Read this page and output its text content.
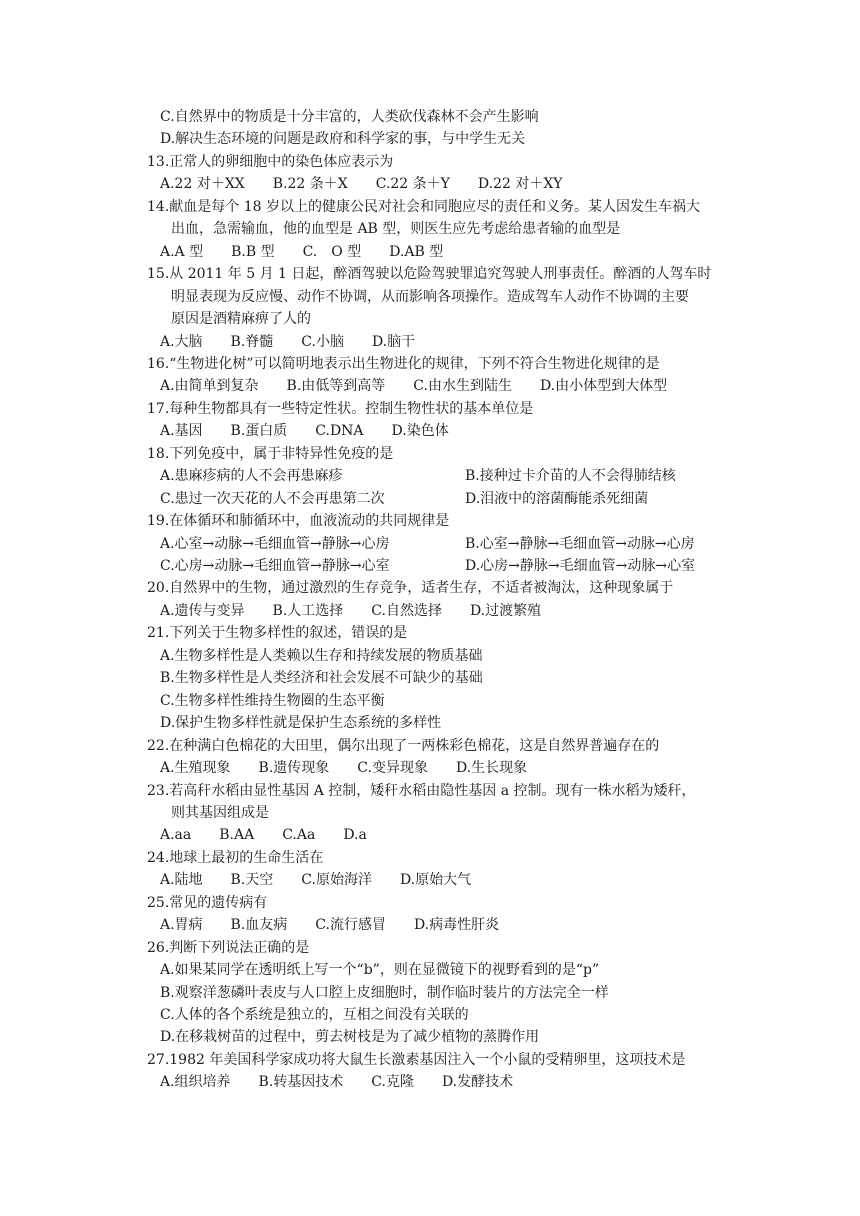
C.自然界中的物质是十分丰富的，人类砍伐森林不会产生影响
D.解决生态环境的问题是政府和科学家的事，与中学生无关
13.正常人的卵细胞中的染色体应表示为
A.22 对＋XX　　B.22 条＋X　　C.22 条＋Y　　D.22 对＋XY
14.献血是每个 18 岁以上的健康公民对社会和同胞应尽的责任和义务。某人因发生车祸大
出血，急需输血，他的血型是 AB 型，则医生应先考虑给患者输的血型是
A.A 型　　B.B 型　　C.　O 型　　D.AB 型
15.从 2011 年 5 月 1 日起，醉酒驾驶以危险驾驶罪追究驾驶人刑事责任。醉酒的人驾车时
明显表现为反应慢、动作不协调，从而影响各项操作。造成驾车人动作不协调的主要
原因是酒精麻痹了人的
A.大脑　　B.脊髓　　C.小脑　　D.脑干
16.“生物进化树”可以简明地表示出生物进化的规律，下列不符合生物进化规律的是
A.由简单到复杂　　B.由低等到高等　　C.由水生到陆生　　D.由小体型到大体型
17.每种生物都具有一些特定性状。控制生物性状的基本单位是
A.基因　　B.蛋白质　　C.DNA　　D.染色体
18.下列免疫中，属于非特异性免疫的是
A.患麻疹病的人不会再患麻疹	B.接种过卡介苗的人不会得肺结核
C.患过一次天花的人不会再患第二次	D.泪液中的溶菌酶能杀死细菌
19.在体循环和肺循环中，血液流动的共同规律是
A.心室→动脉→毛细血管→静脉→心房	B.心室→静脉→毛细血管→动脉→心房
C.心房→动脉→毛细血管→静脉→心室	D.心房→静脉→毛细血管→动脉→心室
20.自然界中的生物，通过激烈的生存竞争，适者生存，不适者被淘汰，这种现象属于
A.遗传与变异　　B.人工选择　　C.自然选择　　D.过渡繁殖
21.下列关于生物多样性的叙述，错误的是
A.生物多样性是人类赖以生存和持续发展的物质基础
B.生物多样性是人类经济和社会发展不可缺少的基础
C.生物多样性维持生物圈的生态平衡
D.保护生物多样性就是保护生态系统的多样性
22.在种满白色棉花的大田里，偶尔出现了一两株彩色棉花，这是自然界普遍存在的
A.生殖现象　　B.遗传现象　　C.变异现象　　D.生长现象
23.若高秆水稻由显性基因 A 控制，矮秆水稻由隐性基因 a 控制。现有一株水稻为矮秆，
则其基因组成是
A.aa　　B.AA　　C.Aa　　D.a
24.地球上最初的生命生活在
A.陆地　　B.天空　　C.原始海洋　　D.原始大气
25.常见的遗传病有
A.胃病　　B.血友病　　C.流行感冒　　D.病毒性肝炎
26.判断下列说法正确的是
A.如果某同学在透明纸上写一个“b”，则在显微镜下的视野看到的是“p”
B.观察洋葱磷叶表皮与人口腔上皮细胞时，制作临时装片的方法完全一样
C.人体的各个系统是独立的，互相之间没有关联的
D.在移栽树苗的过程中，剪去树枝是为了减少植物的蒸腾作用
27.1982 年美国科学家成功将大鼠生长激素基因注入一个小鼠的受精卵里，这项技术是
A.组织培养　　B.转基因技术　　C.克隆　　D.发酵技术
